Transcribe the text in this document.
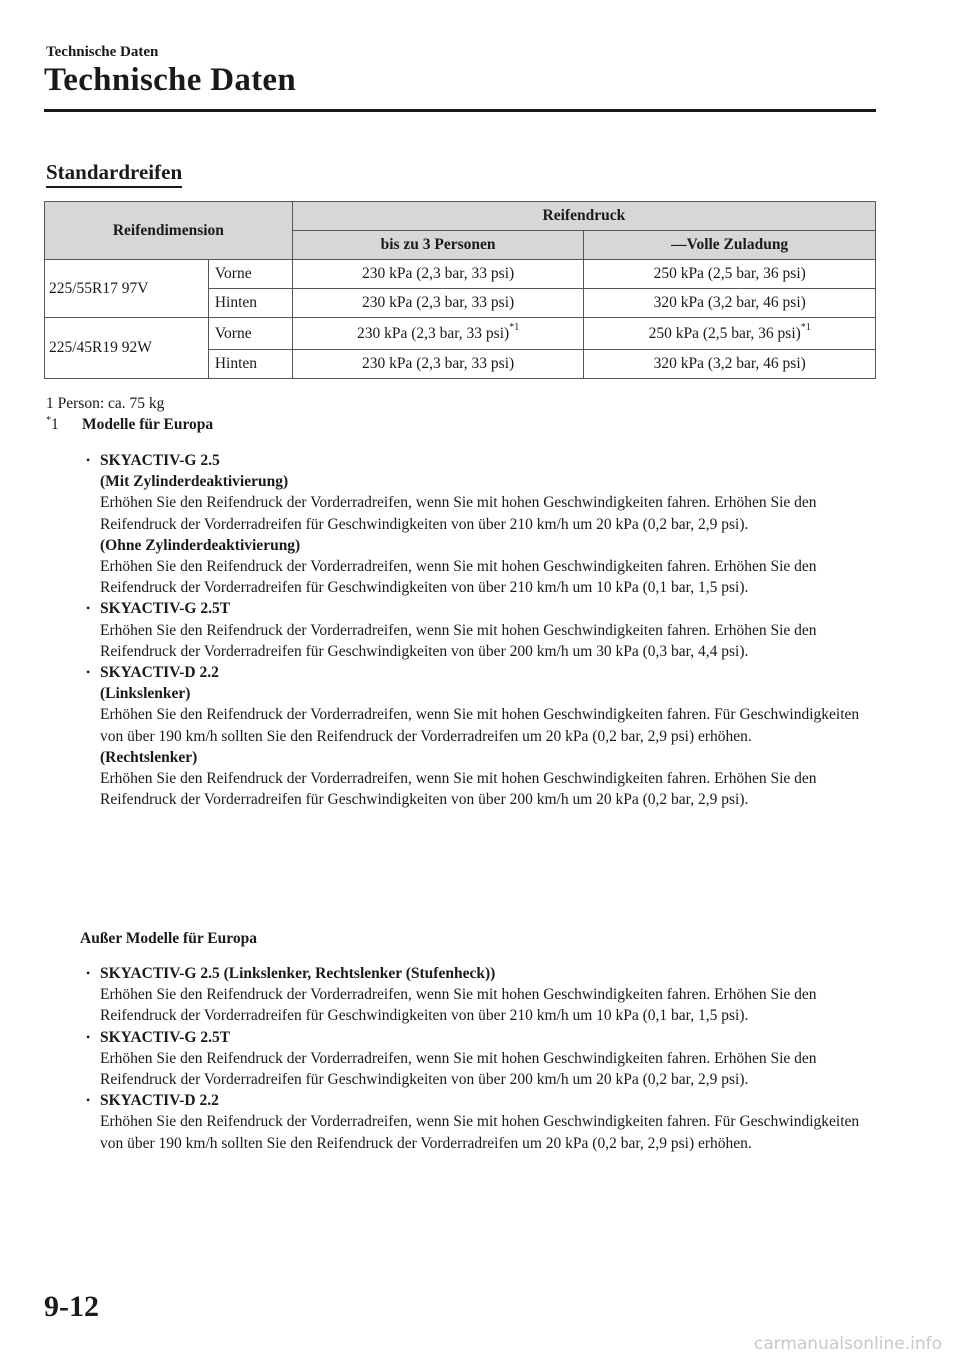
Technische Daten
Technische Daten
Standardreifen
Reifendimension		Reifendruck	
		bis zu 3 Personen	—Volle Zuladung
225/55R17 97V	Vorne	230 kPa (2,3 bar, 33 psi)	250 kPa (2,5 bar, 36 psi)
	Hinten	230 kPa (2,3 bar, 33 psi)	320 kPa (3,2 bar, 46 psi)
225/45R19 92W	Vorne	230 kPa (2,3 bar, 33 psi)$^{*1}$	250 kPa (2,5 bar, 36 psi)$^{*1}$
	Hinten	230 kPa (2,3 bar, 33 psi)	320 kPa (3,2 bar, 46 psi)
1 Person: ca. 75 kg
*1	Modelle für Europa
• SKYACTIV-G 2.5
(Mit Zylinderdeaktivierung)
Erhöhen Sie den Reifendruck der Vorderradreifen, wenn Sie mit hohen Geschwindigkeiten fahren. Erhöhen Sie den Reifendruck der Vorderradreifen für Geschwindigkeiten von über 210 km/h um 20 kPa (0,2 bar, 2,9 psi).
(Ohne Zylinderdeaktivierung)
Erhöhen Sie den Reifendruck der Vorderradreifen, wenn Sie mit hohen Geschwindigkeiten fahren. Erhöhen Sie den Reifendruck der Vorderradreifen für Geschwindigkeiten von über 210 km/h um 10 kPa (0,1 bar, 1,5 psi).
• SKYACTIV-G 2.5T
Erhöhen Sie den Reifendruck der Vorderradreifen, wenn Sie mit hohen Geschwindigkeiten fahren. Erhöhen Sie den Reifendruck der Vorderradreifen für Geschwindigkeiten von über 200 km/h um 30 kPa (0,3 bar, 4,4 psi).
• SKYACTIV-D 2.2
(Linkslenker)
Erhöhen Sie den Reifendruck der Vorderradreifen, wenn Sie mit hohen Geschwindigkeiten fahren. Für Geschwindigkeiten von über 190 km/h sollten Sie den Reifendruck der Vorderradreifen um 20 kPa (0,2 bar, 2,9 psi) erhöhen.
(Rechtslenker)
Erhöhen Sie den Reifendruck der Vorderradreifen, wenn Sie mit hohen Geschwindigkeiten fahren. Erhöhen Sie den Reifendruck der Vorderradreifen für Geschwindigkeiten von über 200 km/h um 20 kPa (0,2 bar, 2,9 psi).
Außer Modelle für Europa
• SKYACTIV-G 2.5 (Linkslenker, Rechtslenker (Stufenheck))
Erhöhen Sie den Reifendruck der Vorderradreifen, wenn Sie mit hohen Geschwindigkeiten fahren. Erhöhen Sie den Reifendruck der Vorderradreifen für Geschwindigkeiten von über 210 km/h um 10 kPa (0,1 bar, 1,5 psi).
• SKYACTIV-G 2.5T
Erhöhen Sie den Reifendruck der Vorderradreifen, wenn Sie mit hohen Geschwindigkeiten fahren. Erhöhen Sie den Reifendruck der Vorderradreifen für Geschwindigkeiten von über 200 km/h um 20 kPa (0,2 bar, 2,9 psi).
• SKYACTIV-D 2.2
Erhöhen Sie den Reifendruck der Vorderradreifen, wenn Sie mit hohen Geschwindigkeiten fahren. Für Geschwindigkeiten von über 190 km/h sollten Sie den Reifendruck der Vorderradreifen um 20 kPa (0,2 bar, 2,9 psi) erhöhen.
9-12
carmanualsonline.info
